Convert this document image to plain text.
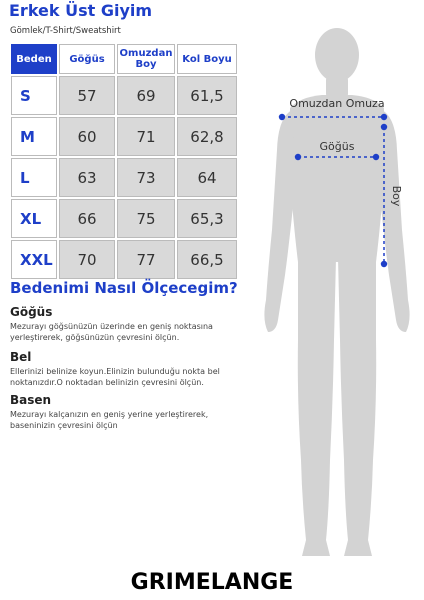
Erkek Üst Giyim
Gömlek/T-Shirt/Sweatshirt
Beden	Göğüs	Omuzdan Boy	Kol Boyu
S	57	69	61,5
M	60	71	62,8
L	63	73	64
XL	66	75	65,3
XXL	70	77	66,5
Bedenimi Nasıl Ölçecegim?
Göğüs
Mezurayı göğsünüzün üzerinde en geniş noktasına yerleştirerek, göğsünüzün çevresini ölçün.
Bel
Ellerinizi belinize koyun.Elinizin bulunduğu nokta bel noktanızdır.O noktadan belinizin çevresini ölçün.
Basen
Mezurayı kalçanızın en geniş yerine yerleştirerek, baseninizin çevresini ölçün
Omuzdan Omuza
Göğüs
Boy
GRIMELANGE
